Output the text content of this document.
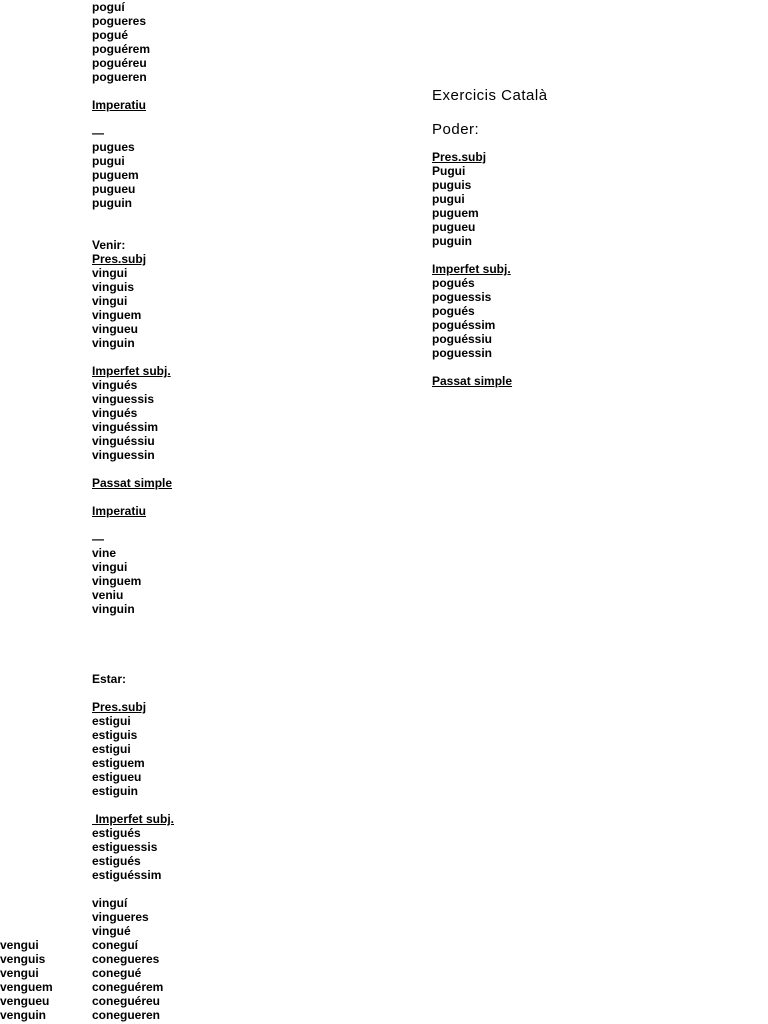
poguí
pogueres
pogué
poguérem
poguéreu
pogueren
Imperatiu
—
pugues
pugui
puguem
pugueu
puguin
Venir:
Pres.subj
vingui
vinguis
vingui
vinguem
vingueu
vinguin
Imperfet subj.
vingués
vinguessis
vingués
vinguéssim
vinguéssiu
vinguessin
Passat simple
Imperatiu
—
vine
vingui
vinguem
veniu
vinguin
Estar:
Pres.subj
estigui
estiguis
estigui
estiguem
estigueu
estiguin
Imperfet subj.
estigués
estiguessis
estigués
estiguéssim
vinguí
vingueres
vingué
coneguí
conegueres
conegué
coneguérem
coneguéreu
conegueren
vengui
venguis
vengui
venguem
vengueu
venguin
Exercicis Català
Poder:
Pres.subj
Pugui
puguis
pugui
puguem
pugueu
puguin
Imperfet subj.
pogués
poguessis
pogués
poguéssim
poguéssiu
poguessin
Passat simple
